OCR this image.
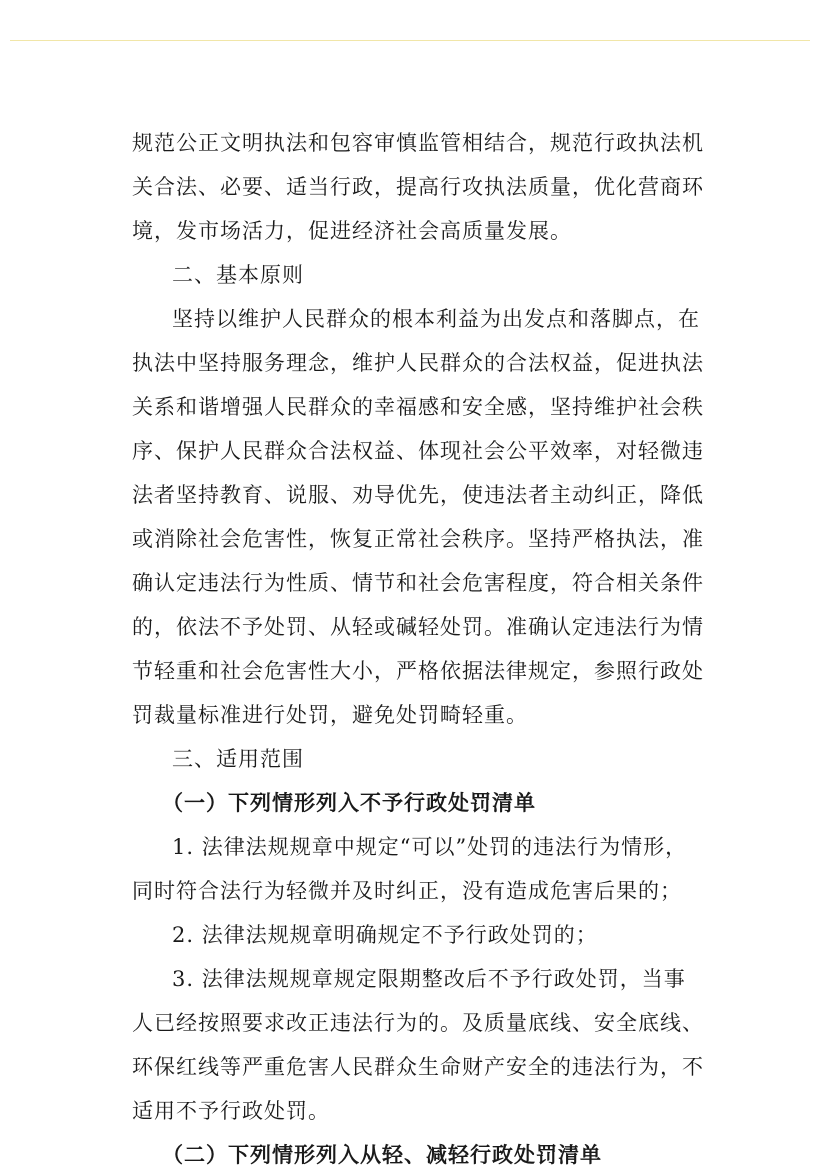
规范公正文明执法和包容审慎监管相结合，规范行政执法机
关合法、必要、适当行政，提高行攻执法质量，优化营商环
境，发市场活力，促进经济社会高质量发展。
二、基本原则
坚持以维护人民群众的根本利益为出发点和落脚点，在
执法中坚持服务理念，维护人民群众的合法权益，促进执法
关系和谐增强人民群众的幸福感和安全感，坚持维护社会秩
序、保护人民群众合法权益、体现社会公平效率，对轻微违
法者坚持教育、说服、劝导优先，使违法者主动纠正，降低
或消除社会危害性，恢复正常社会秩序。坚持严格执法，准
确认定违法行为性质、情节和社会危害程度，符合相关条件
的，依法不予处罚、从轻或碱轻处罚。准确认定违法行为情
节轻重和社会危害性大小，严格依据法律规定，参照行政处
罚裁量标准进行处罚，避免处罚畸轻重。
三、适用范围
（一）下列情形列入不予行政处罚清单
1. 法律法规规章中规定“可以”处罚的违法行为情形，
同时符合法行为轻微并及时纠正，没有造成危害后果的；
2. 法律法规规章明确规定不予行政处罚的；
3. 法律法规规章规定限期整改后不予行政处罚，当事
人已经按照要求改正违法行为的。及质量底线、安全底线、
环保红线等严重危害人民群众生命财产安全的违法行为，不
适用不予行政处罚。
（二）下列情形列入从轻、减轻行政处罚清单
